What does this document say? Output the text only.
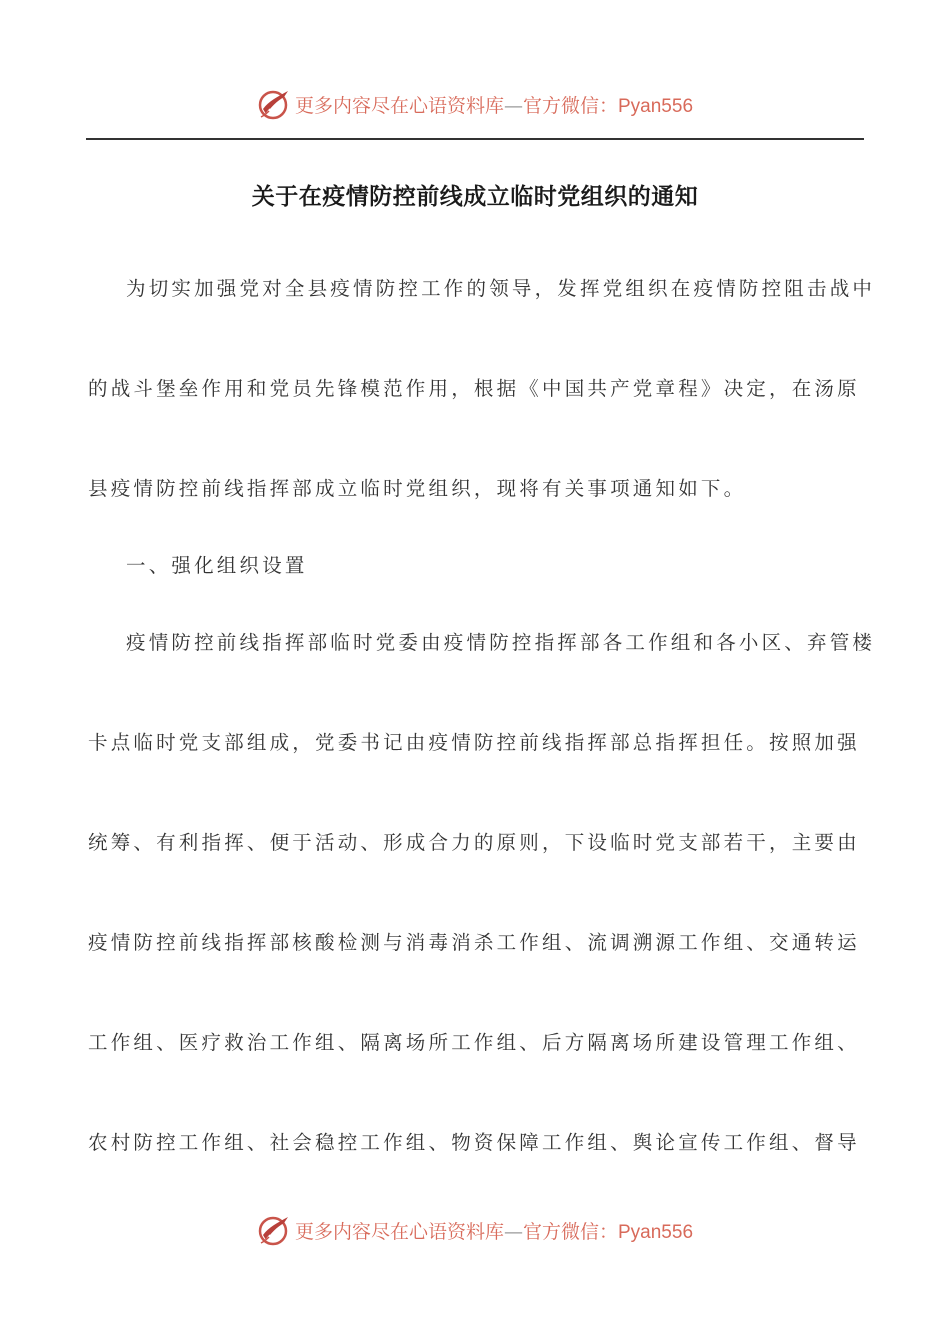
更多内容尽在心语资料库—官方微信：Pyan556
关于在疫情防控前线成立临时党组织的通知
为切实加强党对全县疫情防控工作的领导，发挥党组织在疫情防控阻击战中
的战斗堡垒作用和党员先锋模范作用，根据《中国共产党章程》决定，在汤原
县疫情防控前线指挥部成立临时党组织，现将有关事项通知如下。
一、强化组织设置
疫情防控前线指挥部临时党委由疫情防控指挥部各工作组和各小区、弃管楼
卡点临时党支部组成，党委书记由疫情防控前线指挥部总指挥担任。按照加强
统筹、有利指挥、便于活动、形成合力的原则，下设临时党支部若干，主要由
疫情防控前线指挥部核酸检测与消毒消杀工作组、流调溯源工作组、交通转运
工作组、医疗救治工作组、隔离场所工作组、后方隔离场所建设管理工作组、
农村防控工作组、社会稳控工作组、物资保障工作组、舆论宣传工作组、督导
更多内容尽在心语资料库—官方微信：Pyan556
